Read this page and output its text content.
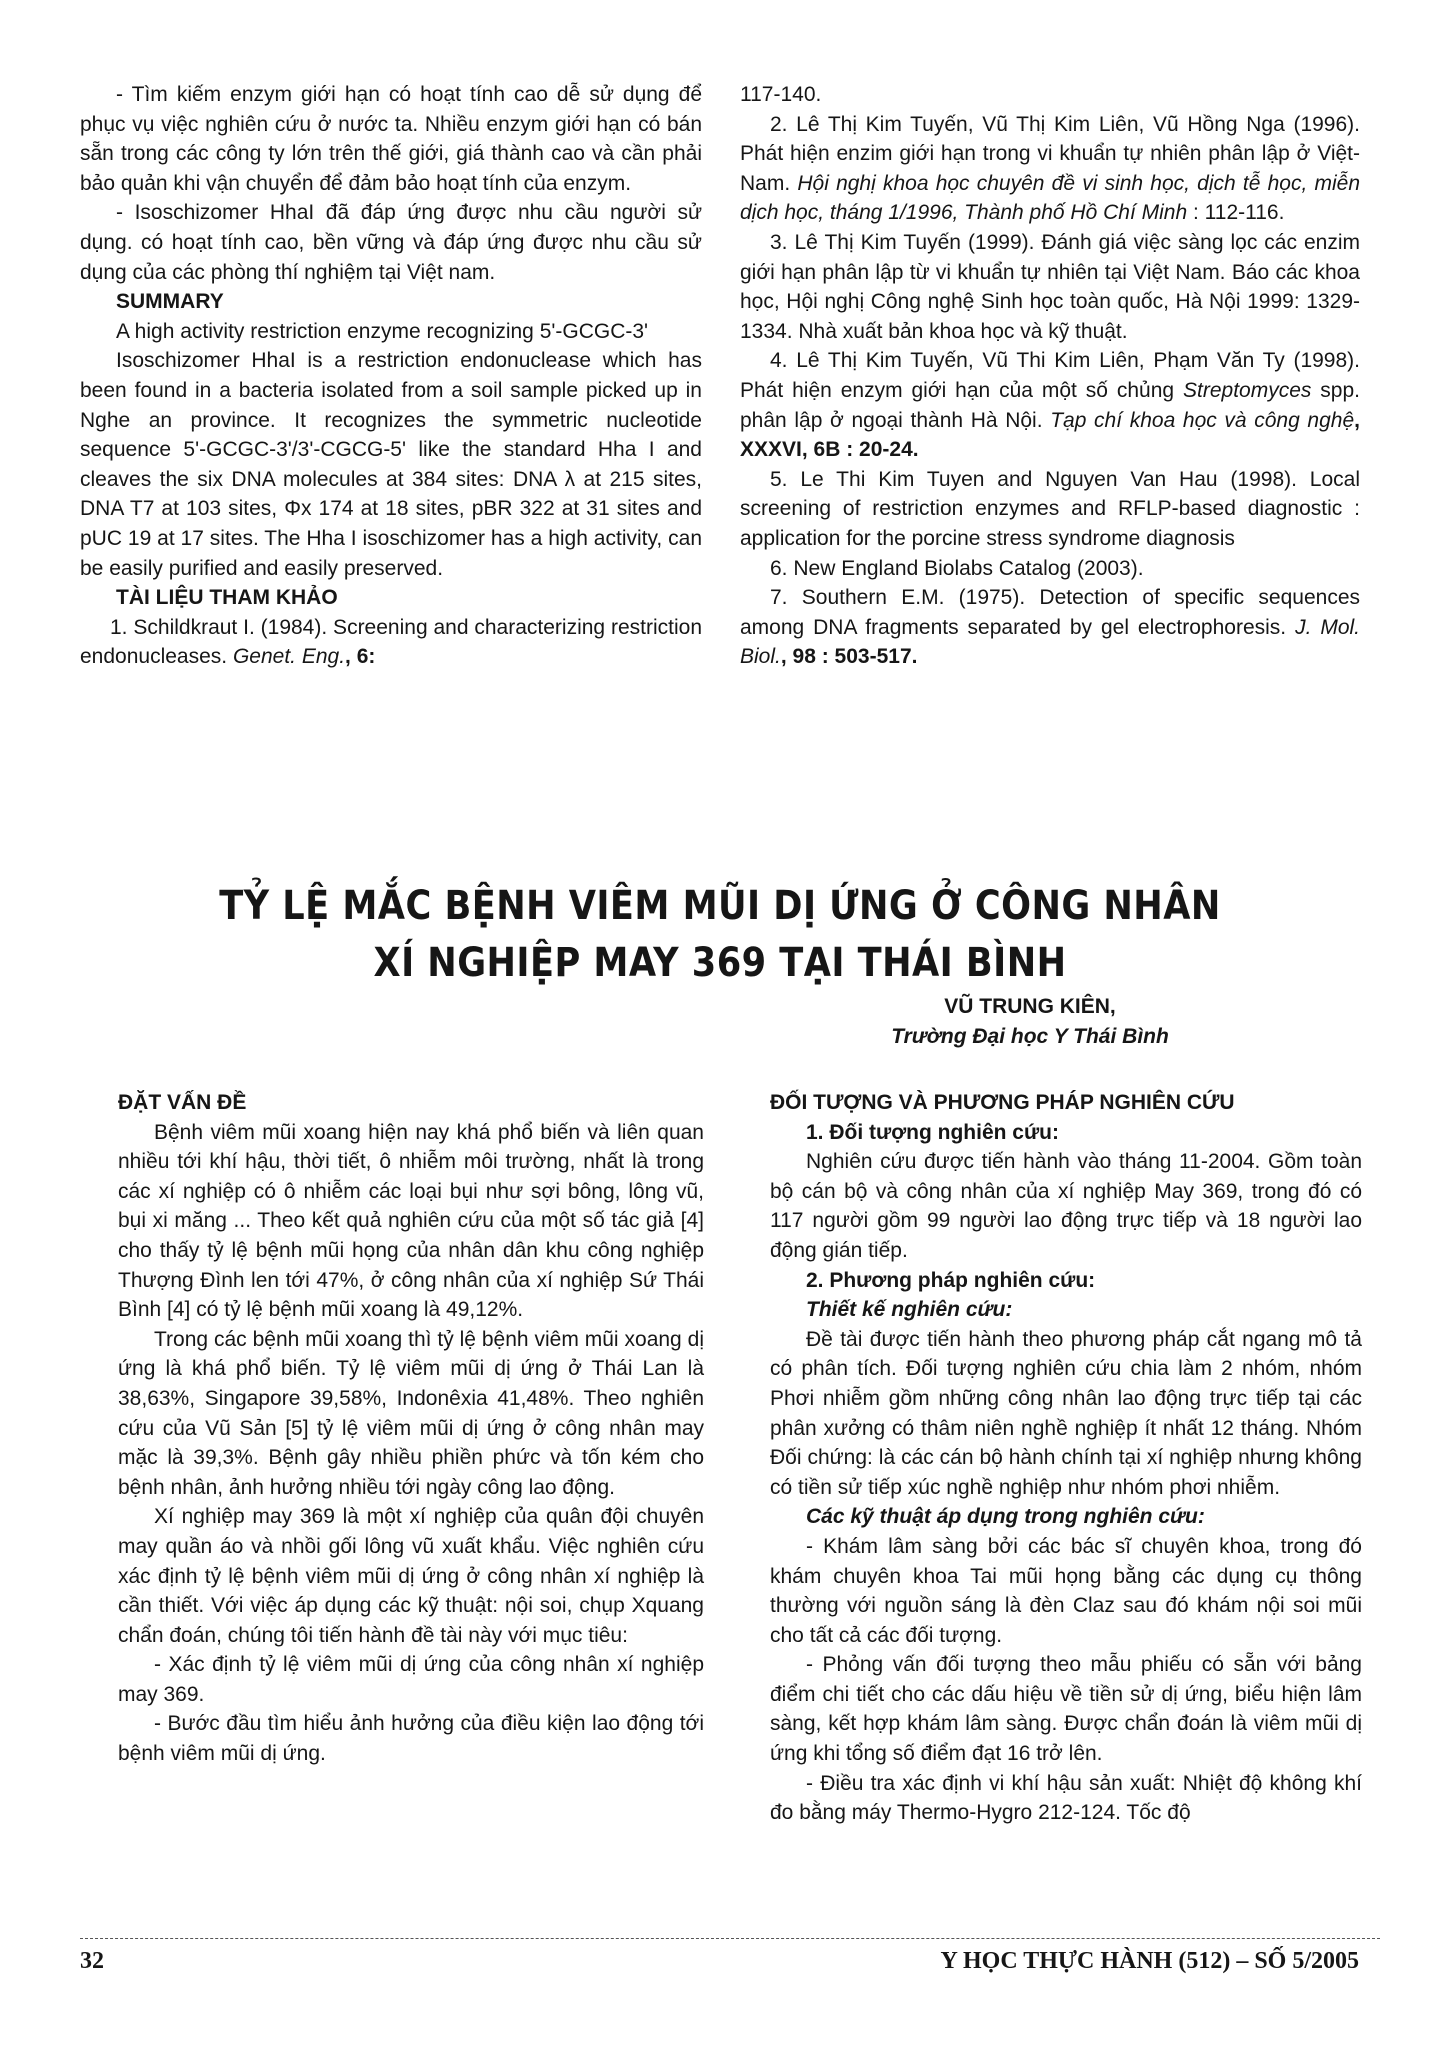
- Tìm kiếm enzym giới hạn có hoạt tính cao dễ sử dụng để phục vụ việc nghiên cứu ở nước ta. Nhiều enzym giới hạn có bán sẵn trong các công ty lớn trên thế giới, giá thành cao và cần phải bảo quản khi vận chuyển để đảm bảo hoạt tính của enzym.

- Isoschizomer HhaI đã đáp ứng được nhu cầu người sử dụng. có hoạt tính cao, bền vững và đáp ứng được nhu cầu sử dụng của các phòng thí nghiệm tại Việt nam.

SUMMARY

A high activity restriction enzyme recognizing 5'-GCGC-3'

Isoschizomer HhaI is a restriction endonuclease which has been found in a bacteria isolated from a soil sample picked up in Nghe an province. It recognizes the symmetric nucleotide sequence 5'-GCGC-3'/3'-CGCG-5' like the standard Hha I and cleaves the six DNA molecules at 384 sites: DNA λ at 215 sites, DNA T7 at 103 sites, Φx 174 at 18 sites, pBR 322 at 31 sites and pUC 19 at 17 sites. The Hha I isoschizomer has a high activity, can be easily purified and easily preserved.

TÀI LIỆU THAM KHẢO

1. Schildkraut I. (1984). Screening and characterizing restriction endonucleases. Genet. Eng., 6:

117-140.

2. Lê Thị Kim Tuyến, Vũ Thị Kim Liên, Vũ Hồng Nga (1996). Phát hiện enzim giới hạn trong vi khuẩn tự nhiên phân lập ở Việt-Nam. Hội nghị khoa học chuyên đề vi sinh học, dịch tễ học, miễn dịch học, tháng 1/1996, Thành phố Hồ Chí Minh : 112-116.

3. Lê Thị Kim Tuyến (1999). Đánh giá việc sàng lọc các enzim giới hạn phân lập từ vi khuẩn tự nhiên tại Việt Nam. Báo các khoa học, Hội nghị Công nghệ Sinh học toàn quốc, Hà Nội 1999: 1329-1334. Nhà xuất bản khoa học và kỹ thuật.

4. Lê Thị Kim Tuyến, Vũ Thi Kim Liên, Phạm Văn Ty (1998). Phát hiện enzym giới hạn của một số chủng Streptomyces spp. phân lập ở ngoại thành Hà Nội. Tạp chí khoa học và công nghệ, XXXVI, 6B : 20-24.

5. Le Thi Kim Tuyen and Nguyen Van Hau (1998). Local screening of restriction enzymes and RFLP-based diagnostic : application for the porcine stress syndrome diagnosis

6. New England Biolabs Catalog (2003).

7. Southern E.M. (1975). Detection of specific sequences among DNA fragments separated by gel electrophoresis. J. Mol. Biol., 98 : 503-517.

TỶ LỆ MẮC BỆNH VIÊM MŨI DỊ ỨNG Ở CÔNG NHÂN
XÍ NGHIỆP MAY 369 TẠI THÁI BÌNH
VŨ TRUNG KIÊN,
Trường Đại học Y Thái Bình

ĐẶT VẤN ĐỀ

Bệnh viêm mũi xoang hiện nay khá phổ biến và liên quan nhiều tới khí hậu, thời tiết, ô nhiễm môi trường, nhất là trong các xí nghiệp có ô nhiễm các loại bụi như sợi bông, lông vũ, bụi xi măng ... Theo kết quả nghiên cứu của một số tác giả [4] cho thấy tỷ lệ bệnh mũi họng của nhân dân khu công nghiệp Thượng Đình len tới 47%, ở công nhân của xí nghiệp Sứ Thái Bình [4] có tỷ lệ bệnh mũi xoang là 49,12%.

Trong các bệnh mũi xoang thì tỷ lệ bệnh viêm mũi xoang dị ứng là khá phổ biến. Tỷ lệ viêm mũi dị ứng ở Thái Lan là 38,63%, Singapore 39,58%, Indonêxia 41,48%. Theo nghiên cứu của Vũ Sản [5] tỷ lệ viêm mũi dị ứng ở công nhân may mặc là 39,3%. Bệnh gây nhiều phiền phức và tốn kém cho bệnh nhân, ảnh hưởng nhiều tới ngày công lao động.

Xí nghiệp may 369 là một xí nghiệp của quân đội chuyên may quần áo và nhồi gối lông vũ xuất khẩu. Việc nghiên cứu xác định tỷ lệ bệnh viêm mũi dị ứng ở công nhân xí nghiệp là cần thiết. Với việc áp dụng các kỹ thuật: nội soi, chụp Xquang chẩn đoán, chúng tôi tiến hành đề tài này với mục tiêu:

- Xác định tỷ lệ viêm mũi dị ứng của công nhân xí nghiệp may 369.

- Bước đầu tìm hiểu ảnh hưởng của điều kiện lao động tới bệnh viêm mũi dị ứng.

ĐỐI TƯỢNG VÀ PHƯƠNG PHÁP NGHIÊN CỨU

1. Đối tượng nghiên cứu:

Nghiên cứu được tiến hành vào tháng 11-2004. Gồm toàn bộ cán bộ và công nhân của xí nghiệp May 369, trong đó có 117 người gồm 99 người lao động trực tiếp và 18 người lao động gián tiếp.

2. Phương pháp nghiên cứu:

Thiết kế nghiên cứu:

Đề tài được tiến hành theo phương pháp cắt ngang mô tả có phân tích. Đối tượng nghiên cứu chia làm 2 nhóm, nhóm Phơi nhiễm gồm những công nhân lao động trực tiếp tại các phân xưởng có thâm niên nghề nghiệp ít nhất 12 tháng. Nhóm Đối chứng: là các cán bộ hành chính tại xí nghiệp nhưng không có tiền sử tiếp xúc nghề nghiệp như nhóm phơi nhiễm.

Các kỹ thuật áp dụng trong nghiên cứu:

- Khám lâm sàng bởi các bác sĩ chuyên khoa, trong đó khám chuyên khoa Tai mũi họng bằng các dụng cụ thông thường với nguồn sáng là đèn Claz sau đó khám nội soi mũi cho tất cả các đối tượng.

- Phỏng vấn đối tượng theo mẫu phiếu có sẵn với bảng điểm chi tiết cho các dấu hiệu về tiền sử dị ứng, biểu hiện lâm sàng, kết hợp khám lâm sàng. Được chẩn đoán là viêm mũi dị ứng khi tổng số điểm đạt 16 trở lên.

- Điều tra xác định vi khí hậu sản xuất: Nhiệt độ không khí đo bằng máy Thermo-Hygro 212-124. Tốc độ

32	Y HỌC THỰC HÀNH (512) – SỐ 5/2005
